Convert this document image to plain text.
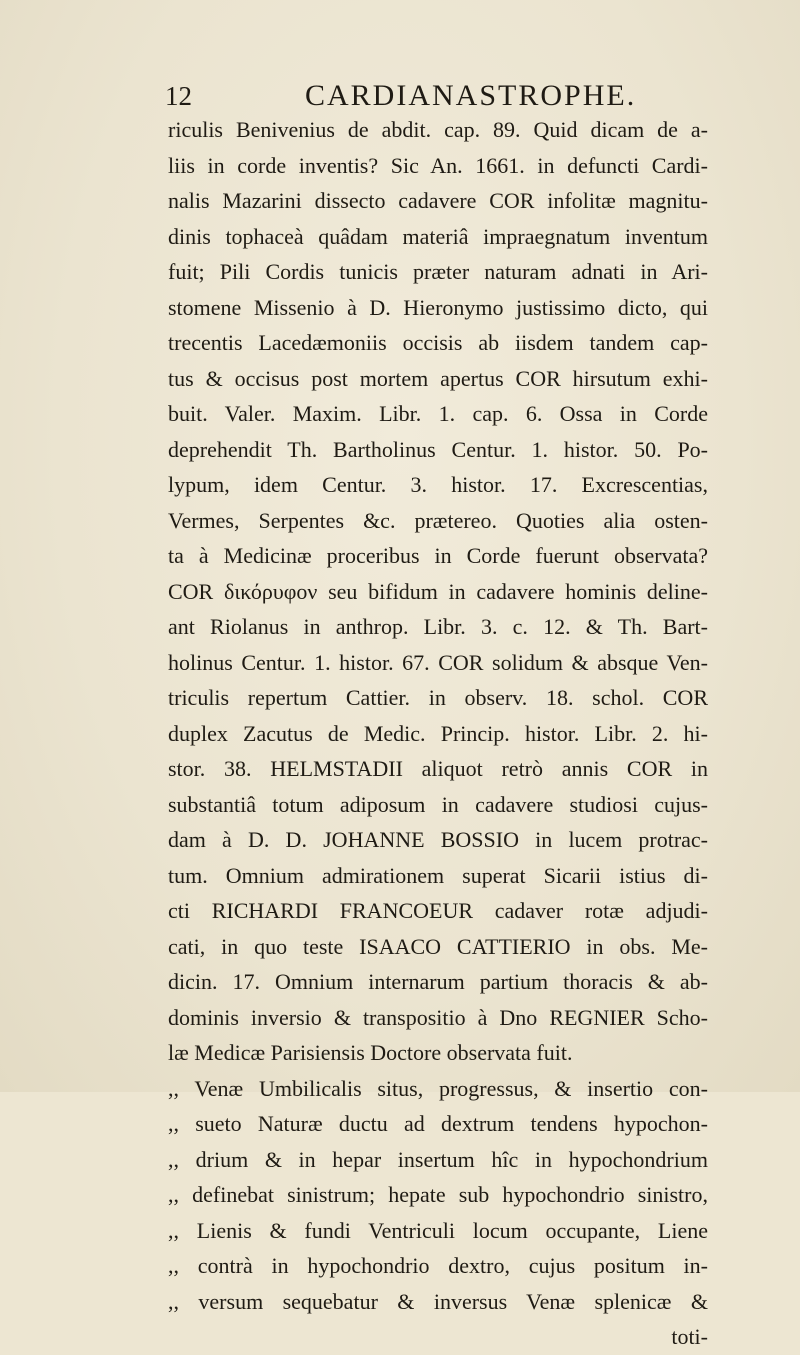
12	CARDIANASTROPHE.
riculis Benivenius de abdit. cap. 89. Quid dicam de a-
liis in corde inventis? Sic An. 1661. in defuncti Cardi-
nalis Mazarini dissecto cadavere COR infolitæ magnitu-
dinis tophaceà quâdam materiâ impraegnatum inventum
fuit; Pili Cordis tunicis præter naturam adnati in Ari-
stomene Missenio à D. Hieronymo justissimo dicto, qui
trecentis Lacedæmoniis occisis ab iisdem tandem cap-
tus & occisus post mortem apertus COR hirsutum exhi-
buit. Valer. Maxim. Libr. 1. cap. 6. Ossa in Corde
deprehendit Th. Bartholinus Centur. 1. histor. 50. Po-
lypum, idem Centur. 3. histor. 17. Excrescentias,
Vermes, Serpentes &c. prætereo. Quoties alia osten-
ta à Medicinæ proceribus in Corde fuerunt observata?
COR δικόρυφον seu bifidum in cadavere hominis deline-
ant Riolanus in anthrop. Libr. 3. c. 12. & Th. Bart-
holinus Centur. 1. histor. 67. COR solidum & absque Ven-
triculis repertum Cattier. in observ. 18. schol. COR
duplex Zacutus de Medic. Princip. histor. Libr. 2. hi-
stor. 38. HELMSTADII aliquot retrò annis COR in
substantiâ totum adiposum in cadavere studiosi cujus-
dam à D. D. JOHANNE BOSSIO in lucem protrac-
tum. Omnium admirationem superat Sicarii istius di-
cti RICHARDI FRANCOEUR cadaver rotæ adjudi-
cati, in quo teste ISAACO CATTIERIO in obs. Me-
dicin. 17. Omnium internarum partium thoracis & ab-
dominis inversio & transpositio à Dno REGNIER Scho-
læ Medicæ Parisiensis Doctore observata fuit.
,, Venæ Umbilicalis situs, progressus, & insertio con-
,, sueto Naturæ ductu ad dextrum tendens hypochon-
,, drium & in hepar insertum hîc in hypochondrium
,, definebat sinistrum; hepate sub hypochondrio sinistro,
,, Lienis & fundi Ventriculi locum occupante, Liene
,, contrà in hypochondrio dextro, cujus positum in-
,, versum sequebatur & inversus Venæ splenicæ &
toti-
